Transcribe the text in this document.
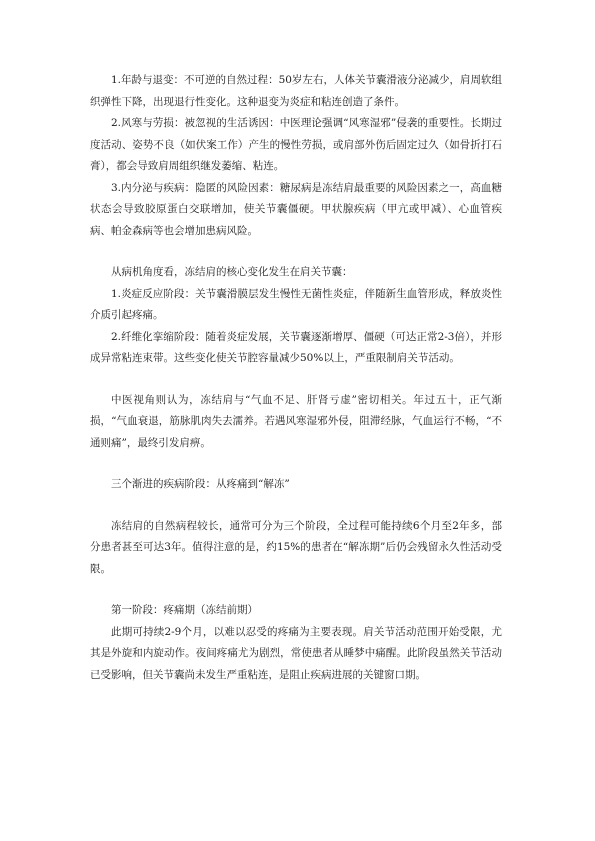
1.年龄与退变：不可逆的自然过程：50岁左右，人体关节囊滑液分泌减少，肩周软组织弹性下降，出现退行性变化。这种退变为炎症和粘连创造了条件。

2.风寒与劳损：被忽视的生活诱因：中医理论强调“风寒湿邪”侵袭的重要性。长期过度活动、姿势不良（如伏案工作）产生的慢性劳损，或肩部外伤后固定过久（如骨折打石膏），都会导致肩周组织继发萎缩、粘连。

3.内分泌与疾病：隐匿的风险因素：糖尿病是冻结肩最重要的风险因素之一，高血糖状态会导致胶原蛋白交联增加，使关节囊僵硬。甲状腺疾病（甲亢或甲减）、心血管疾病、帕金森病等也会增加患病风险。

从病机角度看，冻结肩的核心变化发生在肩关节囊：

1.炎症反应阶段：关节囊滑膜层发生慢性无菌性炎症，伴随新生血管形成，释放炎性介质引起疼痛。

2.纤维化挛缩阶段：随着炎症发展，关节囊逐渐增厚、僵硬（可达正常2-3倍），并形成异常粘连束带。这些变化使关节腔容量减少50%以上，严重限制肩关节活动。

中医视角则认为，冻结肩与“气血不足、肝肾亏虚”密切相关。年过五十，正气渐损，“气血衰退，筋脉肌肉失去濡养。若遇风寒湿邪外侵，阻滞经脉，气血运行不畅，“不通则痛”，最终引发肩痹。

三个渐进的疾病阶段：从疼痛到“解冻”

冻结肩的自然病程较长，通常可分为三个阶段，全过程可能持续6个月至2年多，部分患者甚至可达3年。值得注意的是，约15%的患者在“解冻期”后仍会残留永久性活动受限。

第一阶段：疼痛期（冻结前期）

此期可持续2-9个月，以难以忍受的疼痛为主要表现。肩关节活动范围开始受限，尤其是外旋和内旋动作。夜间疼痛尤为剧烈，常使患者从睡梦中痛醒。此阶段虽然关节活动已受影响，但关节囊尚未发生严重粘连，是阻止疾病进展的关键窗口期。
